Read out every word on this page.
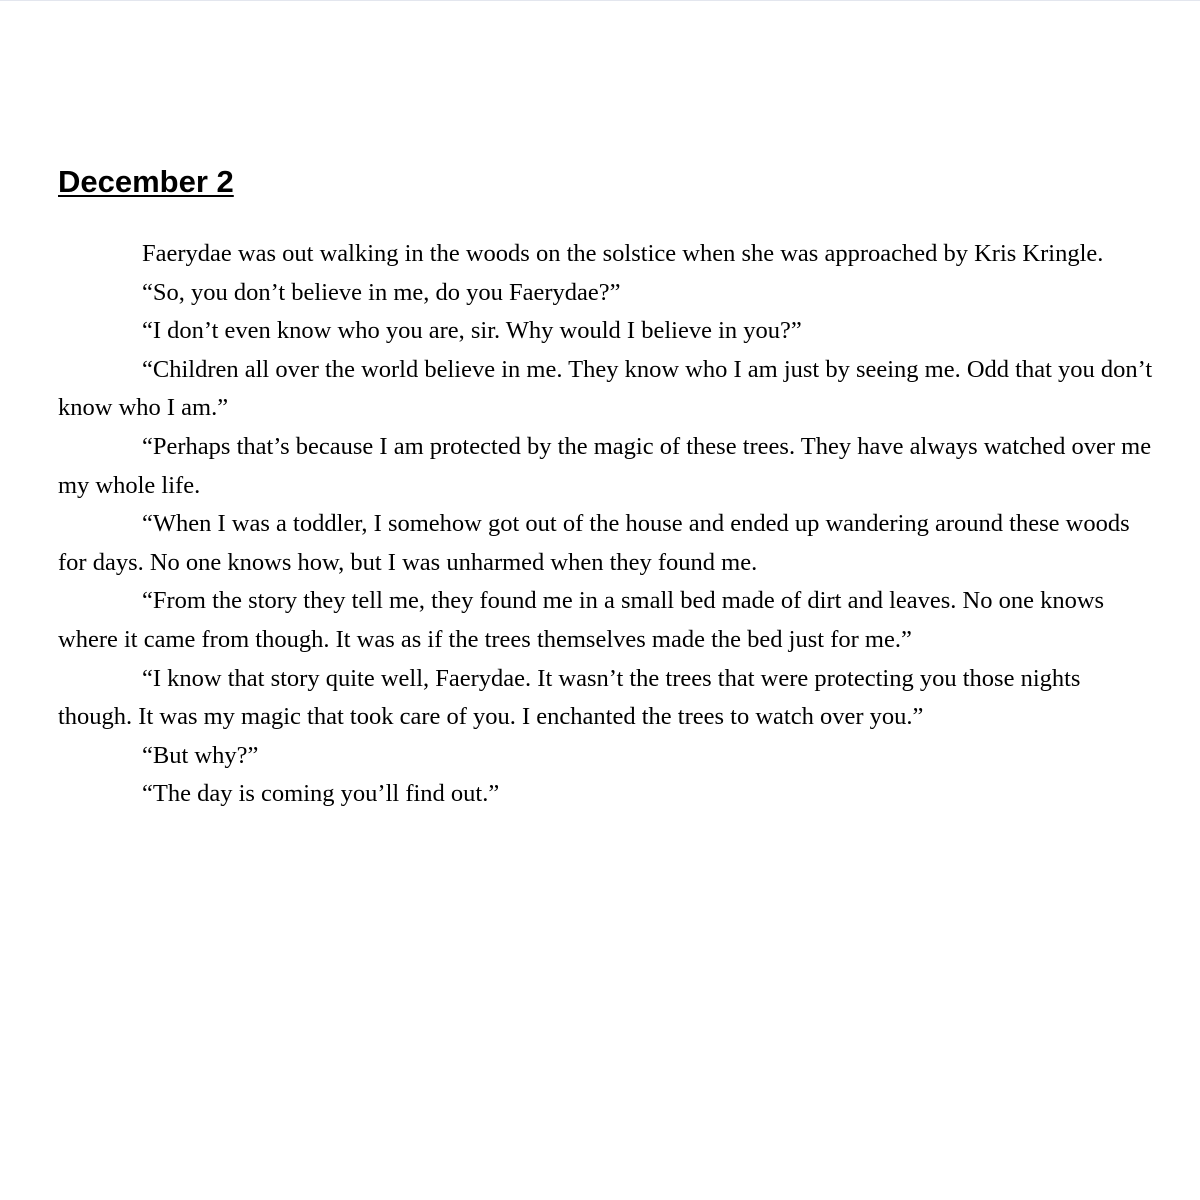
December 2

Faerydae was out walking in the woods on the solstice when she was approached by Kris Kringle.

“So, you don’t believe in me, do you Faerydae?”

“I don’t even know who you are, sir. Why would I believe in you?”

“Children all over the world believe in me. They know who I am just by seeing me. Odd that you don’t know who I am.”

“Perhaps that’s because I am protected by the magic of these trees. They have always watched over me my whole life.

“When I was a toddler, I somehow got out of the house and ended up wandering around these woods for days. No one knows how, but I was unharmed when they found me.

“From the story they tell me, they found me in a small bed made of dirt and leaves. No one knows where it came from though. It was as if the trees themselves made the bed just for me.”

“I know that story quite well, Faerydae. It wasn’t the trees that were protecting you those nights though. It was my magic that took care of you. I enchanted the trees to watch over you.”

“But why?”

“The day is coming you’ll find out.”
